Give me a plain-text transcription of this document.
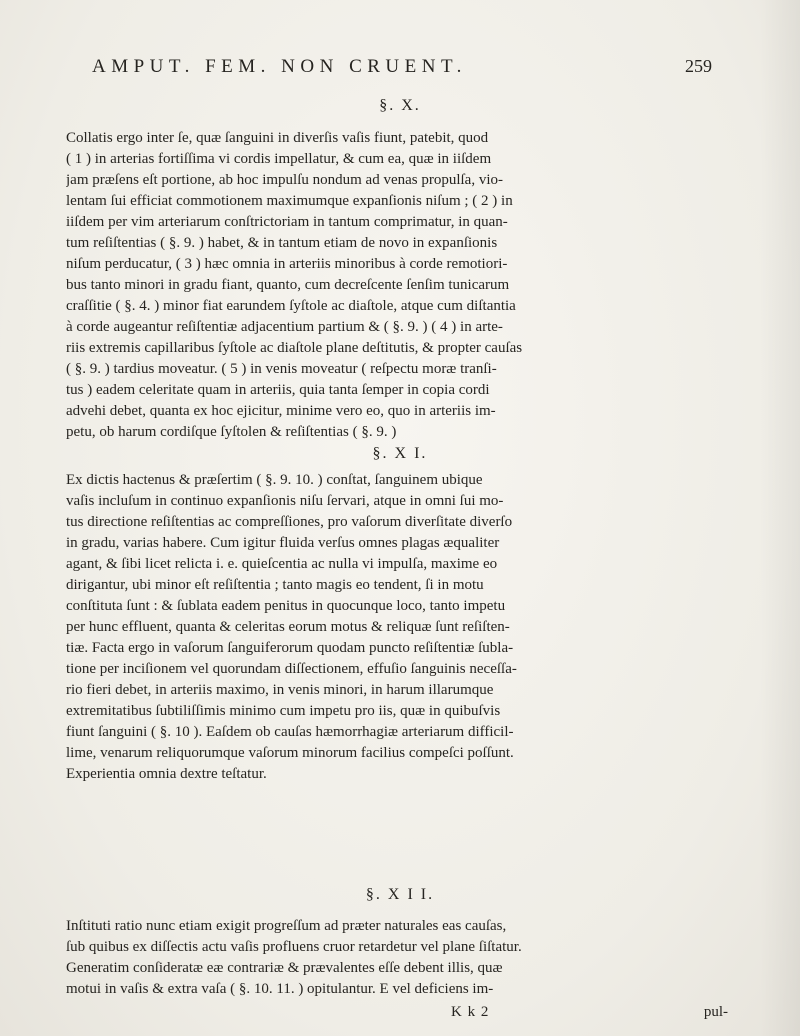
AMPUT. FEM. NON CRUENT.	259
§. X.
Collatis ergo inter ſe, quæ ſanguini in diverſis vaſis fiunt, patebit, quod
( 1 ) in arterias fortiſſima vi cordis impellatur, & cum ea, quæ in iiſdem
jam præſens eſt portione, ab hoc impulſu nondum ad venas propulſa, vio-
lentam ſui efficiat commotionem maximumque expanſionis niſum ; ( 2 ) in
iiſdem per vim arteriarum conſtrictoriam in tantum comprimatur, in quan-
tum reſiſtentias ( §. 9. ) habet, & in tantum etiam de novo in expanſionis
niſum perducatur, ( 3 ) hæc omnia in arteriis minoribus à corde remotiori-
bus tanto minori in gradu fiant, quanto, cum decreſcente ſenſim tunicarum
craſſitie ( §. 4. ) minor fiat earundem ſyſtole ac diaſtole, atque cum diſtantia
à corde augeantur reſiſtentiæ adjacentium partium & ( §. 9. ) ( 4 ) in arte-
riis extremis capillaribus ſyſtole ac diaſtole plane deſtitutis, & propter cauſas
( §. 9. ) tardius moveatur. ( 5 ) in venis moveatur ( reſpectu moræ tranſi-
tus ) eadem celeritate quam in arteriis, quia tanta ſemper in copia cordi
advehi debet, quanta ex hoc ejicitur, minime vero eo, quo in arteriis im-
petu, ob harum cordiſque ſyſtolen & reſiſtentias ( §. 9. )
§. X I.
Ex dictis hactenus & præſertim ( §. 9. 10. ) conſtat, ſanguinem ubique
vaſis incluſum in continuo expanſionis niſu ſervari, atque in omni ſui mo-
tus directione reſiſtentias ac compreſſiones, pro vaſorum diverſitate diverſo
in gradu, varias habere. Cum igitur fluida verſus omnes plagas æqualiter
agant, & ſibi licet relicta i. e. quieſcentia ac nulla vi impulſa, maxime eo
dirigantur, ubi minor eſt reſiſtentia ; tanto magis eo tendent, ſi in motu
conſtituta ſunt : & ſublata eadem penitus in quocunque loco, tanto impetu
per hunc effluent, quanta & celeritas eorum motus & reliquæ ſunt reſiſten-
tiæ. Facta ergo in vaſorum ſanguiferorum quodam puncto reſiſtentiæ ſubla-
tione per inciſionem vel quorundam diſſectionem, effuſio ſanguinis neceſſa-
rio fieri debet, in arteriis maximo, in venis minori, in harum illarumque
extremitatibus ſubtiliſſimis minimo cum impetu pro iis, quæ in quibuſvis
fiunt ſanguini ( §. 10 ). Eaſdem ob cauſas hæmorrhagiæ arteriarum difficil-
lime, venarum reliquorumque vaſorum minorum facilius compeſci poſſunt.
Experientia omnia dextre teſtatur.
§. X I I.
Inſtituti ratio nunc etiam exigit progreſſum ad præter naturales eas cauſas,
ſub quibus ex diſſectis actu vaſis profluens cruor retardetur vel plane ſiſtatur.
Generatim conſideratæ eæ contrariæ & prævalentes eſſe debent illis, quæ
motui in vaſis & extra vaſa ( §. 10. 11. ) opitulantur. E vel deficiens im-
K k 2	pul-
